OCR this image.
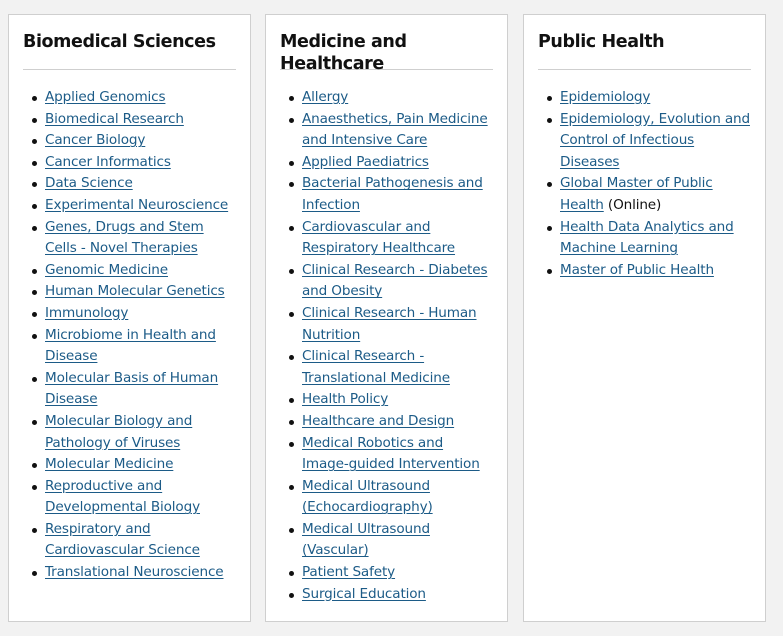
Biomedical Sciences
Applied Genomics
Biomedical Research
Cancer Biology
Cancer Informatics
Data Science
Experimental Neuroscience
Genes, Drugs and Stem Cells - Novel Therapies
Genomic Medicine
Human Molecular Genetics
Immunology
Microbiome in Health and Disease
Molecular Basis of Human Disease
Molecular Biology and Pathology of Viruses
Molecular Medicine
Reproductive and Developmental Biology
Respiratory and Cardiovascular Science
Translational Neuroscience
Medicine and Healthcare
Allergy
Anaesthetics, Pain Medicine and Intensive Care
Applied Paediatrics
Bacterial Pathogenesis and Infection
Cardiovascular and Respiratory Healthcare
Clinical Research - Diabetes and Obesity
Clinical Research - Human Nutrition
Clinical Research - Translational Medicine
Health Policy
Healthcare and Design
Medical Robotics and Image-guided Intervention
Medical Ultrasound (Echocardiography)
Medical Ultrasound (Vascular)
Patient Safety
Surgical Education
Public Health
Epidemiology
Epidemiology, Evolution and Control of Infectious Diseases
Global Master of Public Health (Online)
Health Data Analytics and Machine Learning
Master of Public Health
